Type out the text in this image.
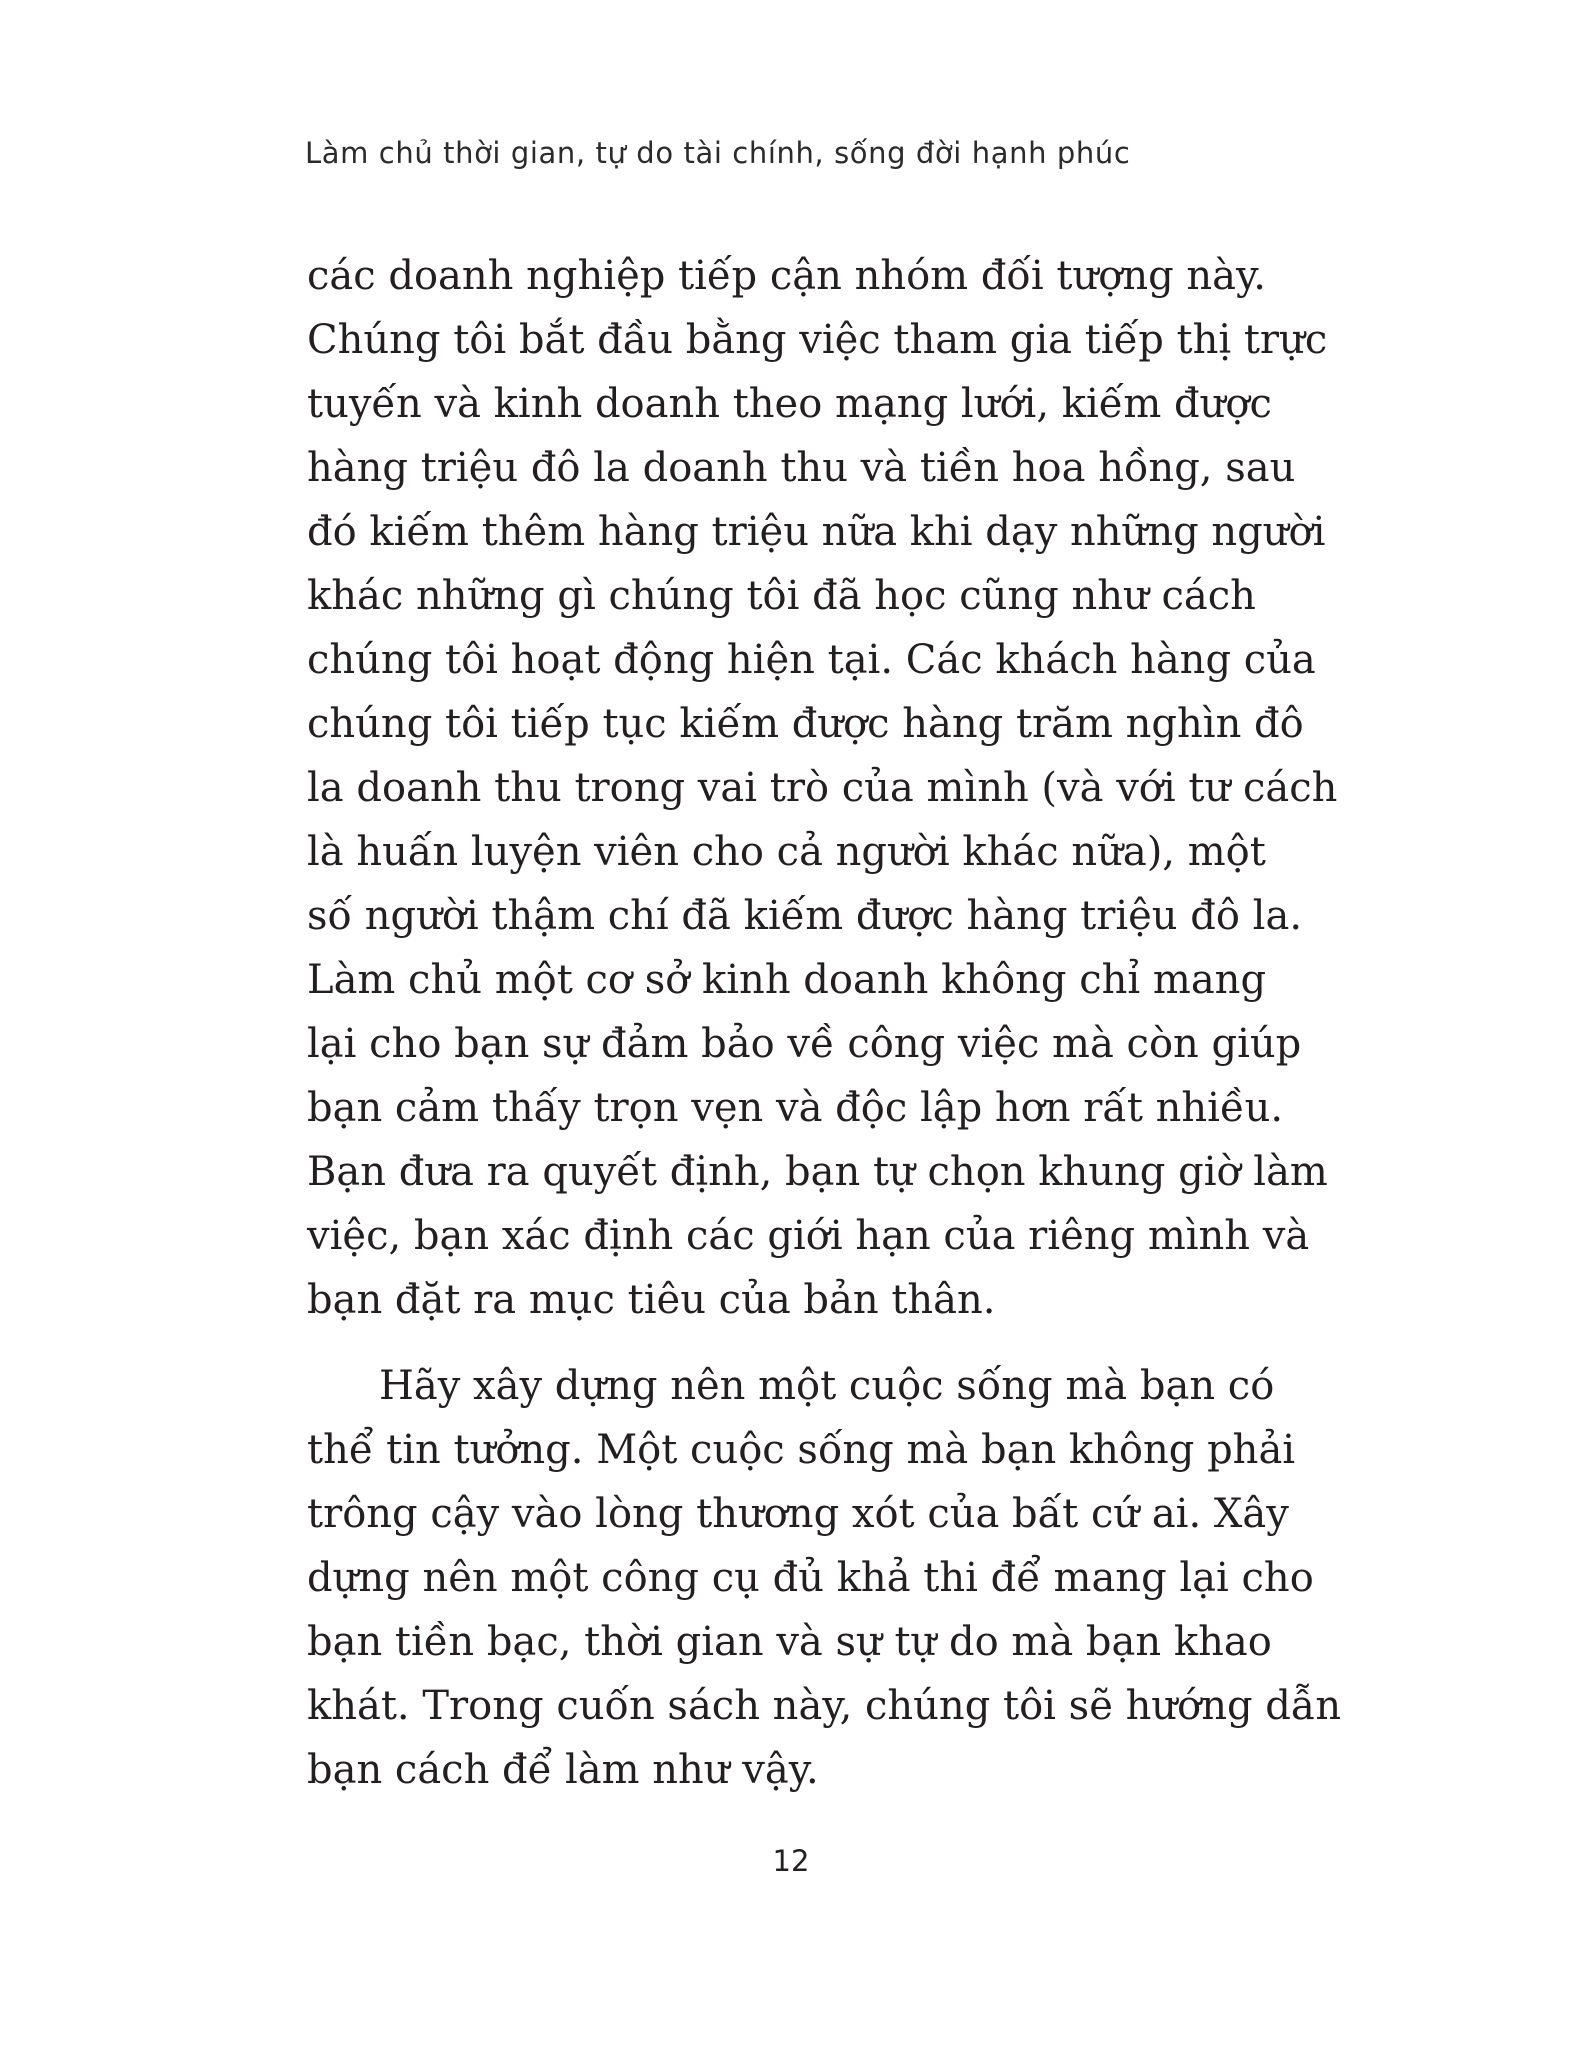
Làm chủ thời gian, tự do tài chính, sống đời hạnh phúc
các doanh nghiệp tiếp cận nhóm đối tượng này.
Chúng tôi bắt đầu bằng việc tham gia tiếp thị trực
tuyến và kinh doanh theo mạng lưới, kiếm được
hàng triệu đô la doanh thu và tiền hoa hồng, sau
đó kiếm thêm hàng triệu nữa khi dạy những người
khác những gì chúng tôi đã học cũng như cách
chúng tôi hoạt động hiện tại. Các khách hàng của
chúng tôi tiếp tục kiếm được hàng trăm nghìn đô
la doanh thu trong vai trò của mình (và với tư cách
là huấn luyện viên cho cả người khác nữa), một
số người thậm chí đã kiếm được hàng triệu đô la.
Làm chủ một cơ sở kinh doanh không chỉ mang
lại cho bạn sự đảm bảo về công việc mà còn giúp
bạn cảm thấy trọn vẹn và độc lập hơn rất nhiều.
Bạn đưa ra quyết định, bạn tự chọn khung giờ làm
việc, bạn xác định các giới hạn của riêng mình và
bạn đặt ra mục tiêu của bản thân.
Hãy xây dựng nên một cuộc sống mà bạn có
thể tin tưởng. Một cuộc sống mà bạn không phải
trông cậy vào lòng thương xót của bất cứ ai. Xây
dựng nên một công cụ đủ khả thi để mang lại cho
bạn tiền bạc, thời gian và sự tự do mà bạn khao
khát. Trong cuốn sách này, chúng tôi sẽ hướng dẫn
bạn cách để làm như vậy.
12
